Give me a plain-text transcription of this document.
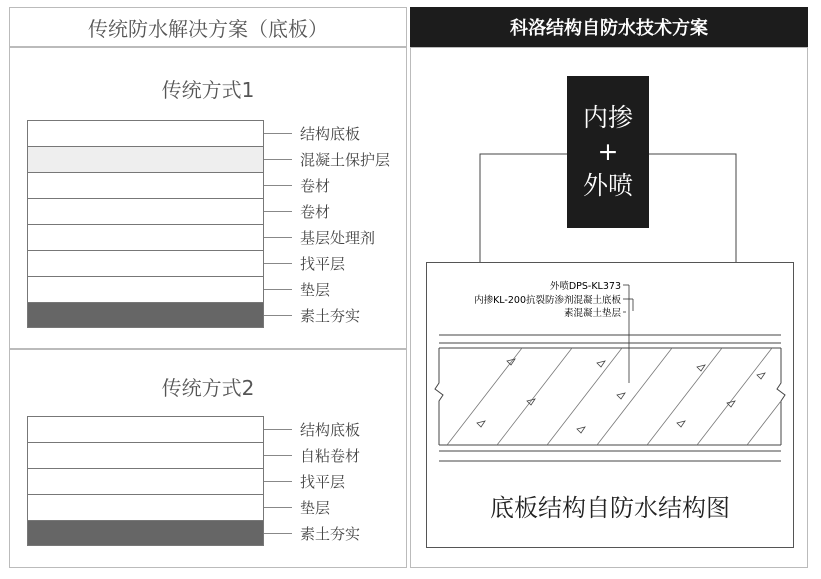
传统防水解决方案（底板）
传统方式1
结构底板
混凝土保护层
卷材
卷材
基层处理剂
找平层
垫层
素土夯实
传统方式2
结构底板
自粘卷材
找平层
垫层
素土夯实
科洛结构自防水技术方案
内掺
+
外喷
外喷DPS-KL373
内掺KL-200抗裂防渗剂混凝土底板
素混凝土垫层
底板结构自防水结构图
